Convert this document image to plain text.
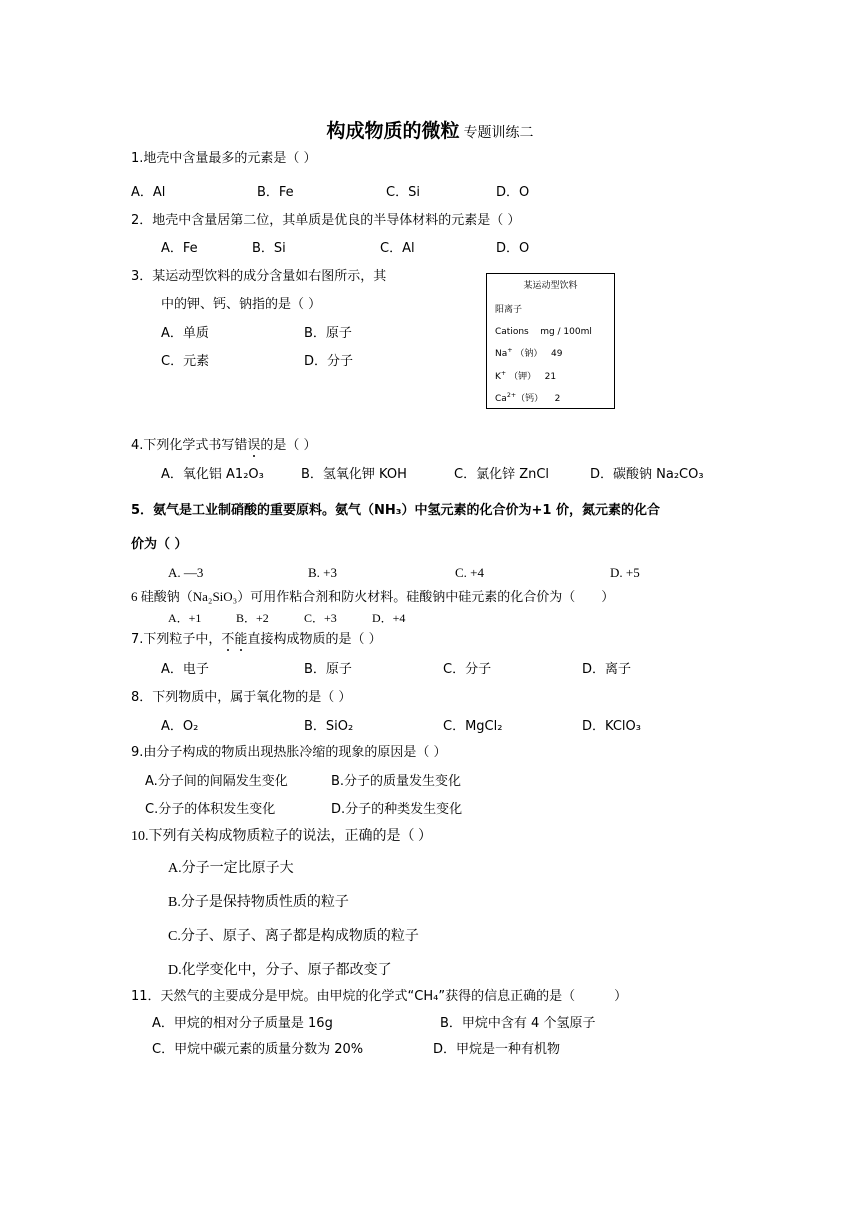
构成物质的微粒 专题训练二
1.地壳中含量最多的元素是（ ）
A．Al	B．Fe	C．Si	D．O
2．地壳中含量居第二位，其单质是优良的半导体材料的元素是（ ）
A．Fe	B．Si	C．Al	D．O
3．某运动型饮料的成分含量如右图所示，其
中的钾、钙、钠指的是（ ）
A．单质	B．原子
C．元素	D．分子
某运动型饮料
阳离子
Cations mg / 100ml
Na+ （钠） 49
K+ （钾） 21
$Ca^{2+}$（钙） 2
4.下列化学式书写错误的是（ ）
A．氧化铝 A1₂O₃	B．氢氧化钾 KOH	C．氯化锌 ZnCl	D．碳酸钠 Na₂CO₃
5．氨气是工业制硝酸的重要原料。氨气（NH₃）中氢元素的化合价为+1 价，氮元素的化合
价为（ ）
A. —3	B. +3	C. +4	D. +5
6 硅酸钠（Na₂SiO₃）可用作粘合剂和防火材料。硅酸钠中硅元素的化合价为（　　）
A．+1	B．+2	C．+3	D．+4
7.下列粒子中，不能直接构成物质的是（ ）
A．电子	B．原子	C．分子	D．离子
8．下列物质中，属于氧化物的是（ ）
A．O₂	B．SiO₂	C．MgCl₂	D．KClO₃
9.由分子构成的物质出现热胀冷缩的现象的原因是（ ）
A.分子间的间隔发生变化	B.分子的质量发生变化
C.分子的体积发生变化	D.分子的种类发生变化
10.下列有关构成物质粒子的说法，正确的是（ ）
A.分子一定比原子大
B.分子是保持物质性质的粒子
C.分子、原子、离子都是构成物质的粒子
D.化学变化中，分子、原子都改变了
11．天然气的主要成分是甲烷。由甲烷的化学式“CH₄”获得的信息正确的是（　　　）
A．甲烷的相对分子质量是 16g	B．甲烷中含有 4 个氢原子
C．甲烷中碳元素的质量分数为 20%	D．甲烷是一种有机物
